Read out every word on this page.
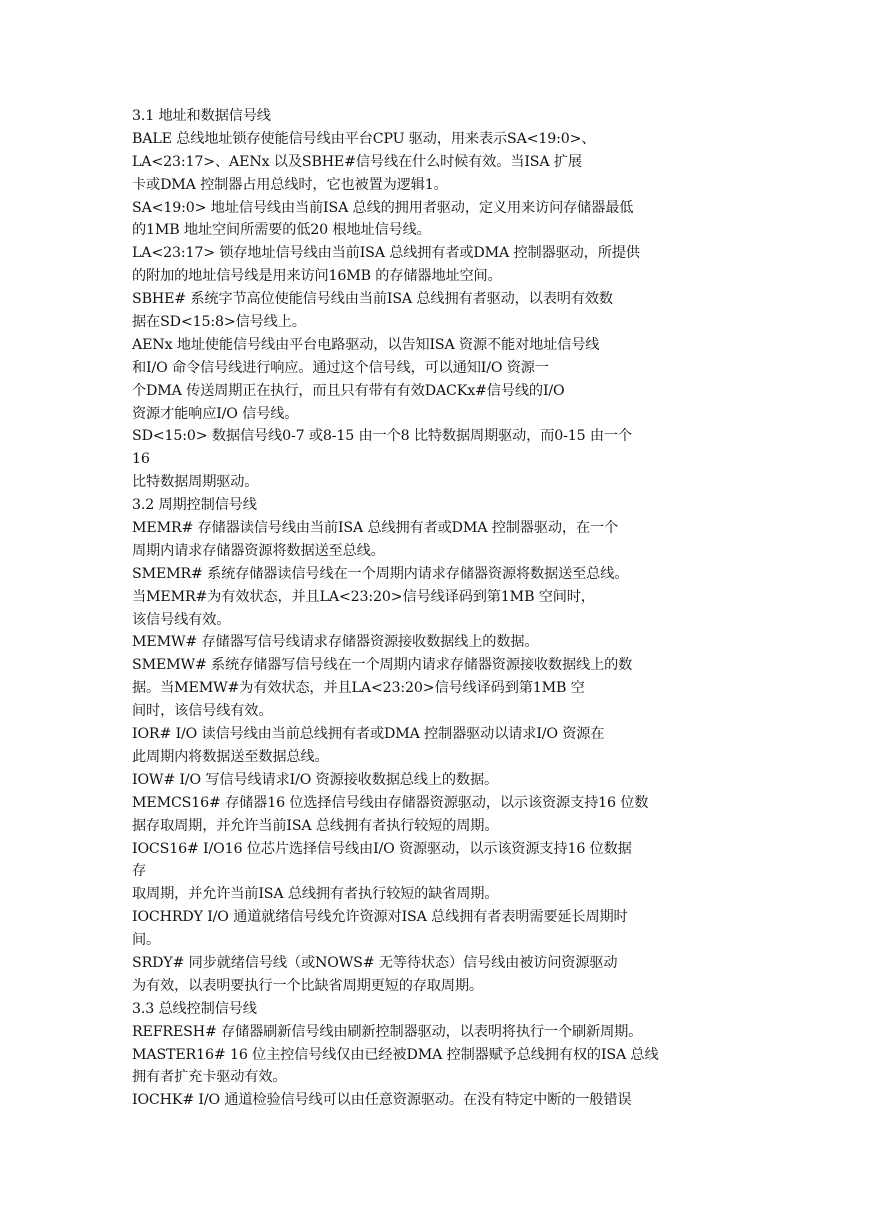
3.1 地址和数据信号线
BALE 总线地址锁存使能信号线由平台CPU 驱动，用来表示SA<19:0>、
LA<23:17>、AENx 以及SBHE#信号线在什么时候有效。当ISA 扩展
卡或DMA 控制器占用总线时，它也被置为逻辑1。
SA<19:0> 地址信号线由当前ISA 总线的拥用者驱动，定义用来访问存储器最低
的1MB 地址空间所需要的低20 根地址信号线。
LA<23:17> 锁存地址信号线由当前ISA 总线拥有者或DMA 控制器驱动，所提供
的附加的地址信号线是用来访问16MB 的存储器地址空间。
SBHE# 系统字节高位使能信号线由当前ISA 总线拥有者驱动，以表明有效数
据在SD<15:8>信号线上。
AENx 地址使能信号线由平台电路驱动，以告知ISA 资源不能对地址信号线
和I/O 命令信号线进行响应。通过这个信号线，可以通知I/O 资源一
个DMA 传送周期正在执行，而且只有带有有效DACKx#信号线的I/O
资源才能响应I/O 信号线。
SD<15:0> 数据信号线0-7 或8-15 由一个8 比特数据周期驱动，而0-15 由一个
16
比特数据周期驱动。
3.2 周期控制信号线
MEMR# 存储器读信号线由当前ISA 总线拥有者或DMA 控制器驱动，在一个
周期内请求存储器资源将数据送至总线。
SMEMR# 系统存储器读信号线在一个周期内请求存储器资源将数据送至总线。
当MEMR#为有效状态，并且LA<23:20>信号线译码到第1MB 空间时，
该信号线有效。
MEMW# 存储器写信号线请求存储器资源接收数据线上的数据。
SMEMW# 系统存储器写信号线在一个周期内请求存储器资源接收数据线上的数
据。当MEMW#为有效状态，并且LA<23:20>信号线译码到第1MB 空
间时，该信号线有效。
IOR# I/O 读信号线由当前总线拥有者或DMA 控制器驱动以请求I/O 资源在
此周期内将数据送至数据总线。
IOW# I/O 写信号线请求I/O 资源接收数据总线上的数据。
MEMCS16# 存储器16 位选择信号线由存储器资源驱动，以示该资源支持16 位数
据存取周期，并允许当前ISA 总线拥有者执行较短的周期。
IOCS16# I/O16 位芯片选择信号线由I/O 资源驱动，以示该资源支持16 位数据
存
取周期，并允许当前ISA 总线拥有者执行较短的缺省周期。
IOCHRDY I/O 通道就绪信号线允许资源对ISA 总线拥有者表明需要延长周期时
间。
SRDY# 同步就绪信号线（或NOWS# 无等待状态）信号线由被访问资源驱动
为有效，以表明要执行一个比缺省周期更短的存取周期。
3.3 总线控制信号线
REFRESH# 存储器刷新信号线由刷新控制器驱动，以表明将执行一个刷新周期。
MASTER16# 16 位主控信号线仅由已经被DMA 控制器赋予总线拥有权的ISA 总线
拥有者扩充卡驱动有效。
IOCHK# I/O 通道检验信号线可以由任意资源驱动。在没有特定中断的一般错误
